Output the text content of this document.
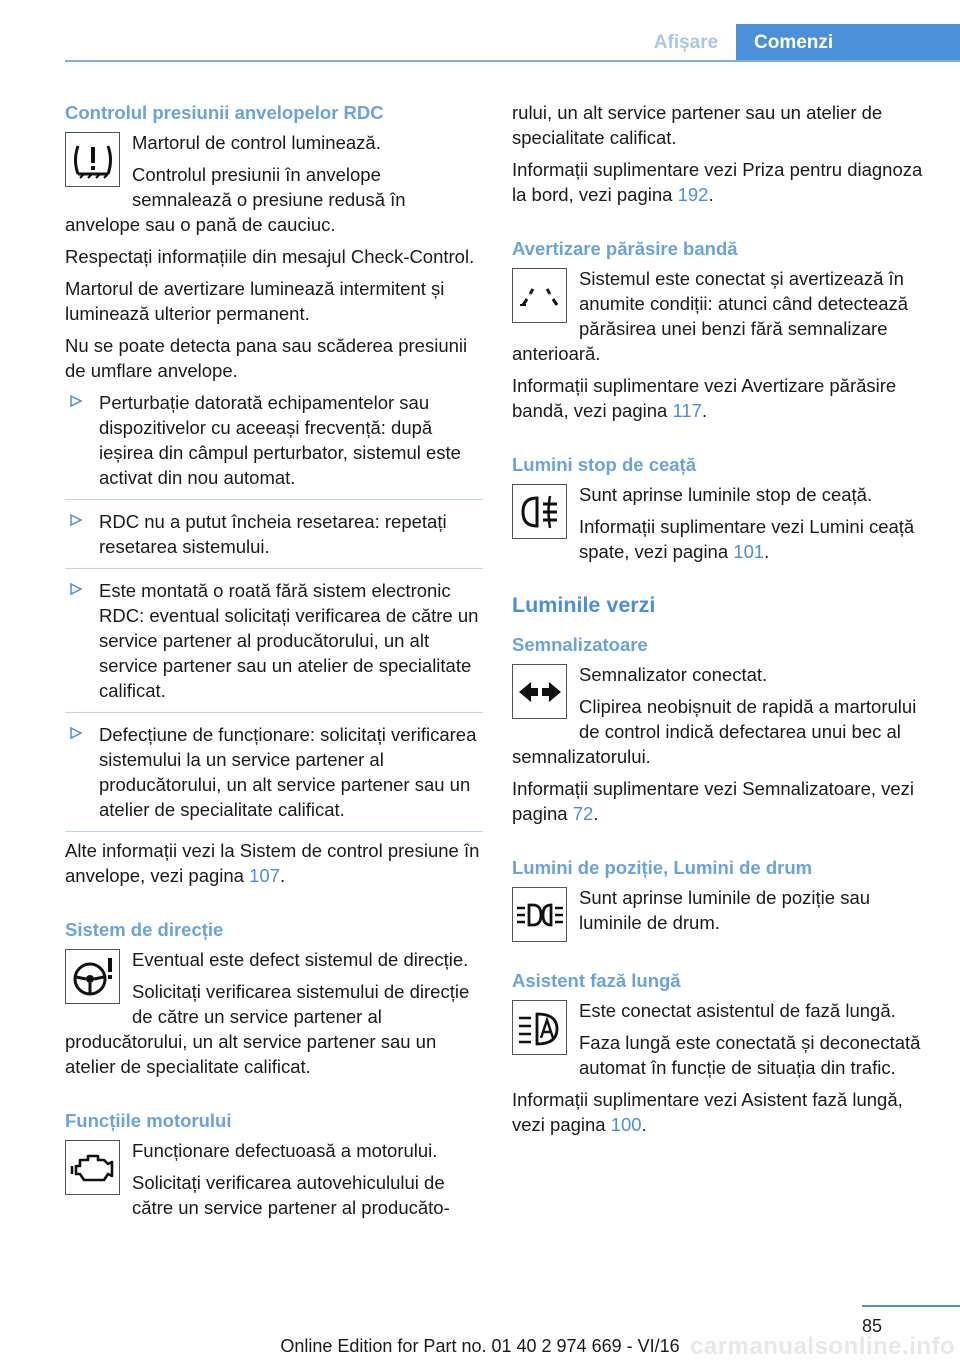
Afișare	Comenzi
Controlul presiunii anvelopelor RDC

Martorul de control luminează.

Controlul presiunii în anvelope semnalează o presiune redusă în anvelope sau o pană de cauciuc.

Respectați informațiile din mesajul Check-Control.

Martorul de avertizare luminează intermitent și luminează ulterior permanent.

Nu se poate detecta pana sau scăderea presiunii de umflare anvelope.

Perturbație datorată echipamentelor sau dispozitivelor cu aceeași frecvență: după ieșirea din câmpul perturbator, sistemul este activat din nou automat.
RDC nu a putut încheia resetarea: repetați resetarea sistemului.
Este montată o roată fără sistem electronic RDC: eventual solicitați verificarea de către un service partener al producătorului, un alt service partener sau un atelier de specialitate calificat.
Defecțiune de funcționare: solicitați verificarea sistemului la un service partener al producătorului, un alt service partener sau un atelier de specialitate calificat.

Alte informații vezi la Sistem de control presiune în anvelope, vezi pagina 107.

Sistem de direcție

Eventual este defect sistemul de direcție.

Solicitați verificarea sistemului de direcție de către un service partener al producătorului, un alt service partener sau un atelier de specialitate calificat.

Funcțiile motorului

Funcționare defectuoasă a motorului.

Solicitați verificarea autovehiculului de către un service partener al producăto-

rului, un alt service partener sau un atelier de specialitate calificat.

Informații suplimentare vezi Priza pentru diagnoza la bord, vezi pagina 192.

Avertizare părăsire bandă

Sistemul este conectat și avertizează în anumite condiții: atunci când detectează părăsirea unei benzi fără semnalizare anterioară.

Informații suplimentare vezi Avertizare părăsire bandă, vezi pagina 117.

Lumini stop de ceață

Sunt aprinse luminile stop de ceață.

Informații suplimentare vezi Lumini ceață spate, vezi pagina 101.

Luminile verzi
Semnalizatoare

Semnalizator conectat.

Clipirea neobișnuit de rapidă a martorului de control indică defectarea unui bec al semnalizatorului.

Informații suplimentare vezi Semnalizatoare, vezi pagina 72.

Lumini de poziție, Lumini de drum

Sunt aprinse luminile de poziție sau luminile de drum.

Asistent fază lungă

Este conectat asistentul de fază lungă.

Faza lungă este conectată și deconectată automat în funcție de situația din trafic.

Informații suplimentare vezi Asistent fază lungă, vezi pagina 100.

85
carmanualsonline.info
Online Edition for Part no. 01 40 2 974 669 - VI/16
